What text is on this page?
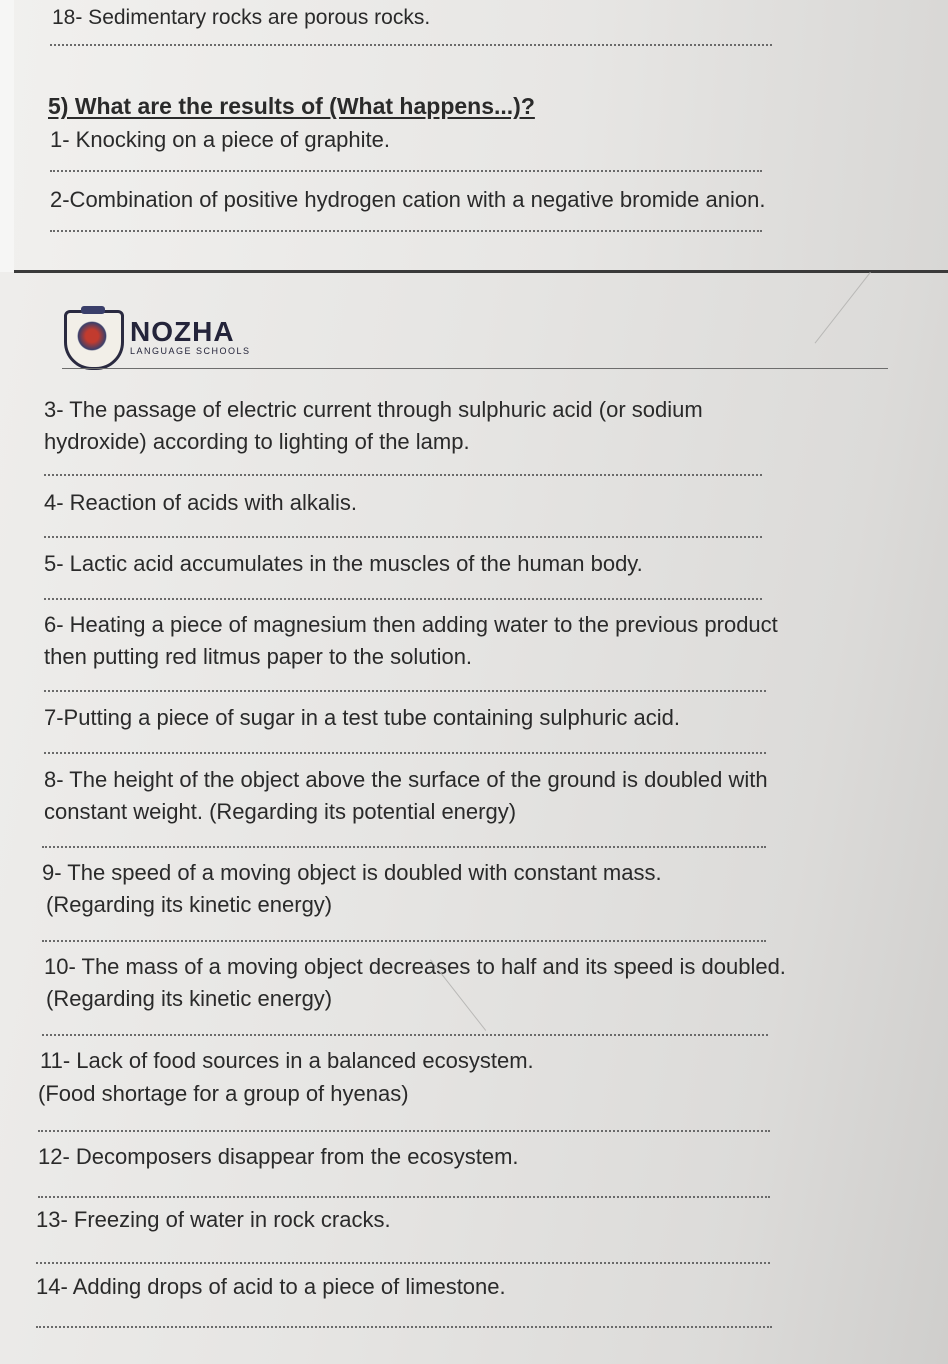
18- Sedimentary rocks are porous rocks.
5) What are the results of (What happens...)?
1- Knocking on a piece of graphite.
2-Combination of positive hydrogen cation with a negative bromide anion.
NOZHA
LANGUAGE SCHOOLS
3- The passage of electric current through sulphuric acid (or sodium
hydroxide) according to lighting of the lamp.
4- Reaction of acids with alkalis.
5- Lactic acid accumulates in the muscles of the human body.
6- Heating a piece of magnesium then adding water to the previous product
then putting red litmus paper to the solution.
7-Putting a piece of sugar in a test tube containing sulphuric acid.
8- The height of the object above the surface of the ground is doubled with
constant weight. (Regarding its potential energy)
9- The speed of a moving object is doubled with constant mass.
(Regarding its kinetic energy)
10- The mass of a moving object decreases to half and its speed is doubled.
(Regarding its kinetic energy)
11- Lack of food sources in a balanced ecosystem.
(Food shortage for a group of hyenas)
12- Decomposers disappear from the ecosystem.
13- Freezing of water in rock cracks.
14- Adding drops of acid to a piece of limestone.
